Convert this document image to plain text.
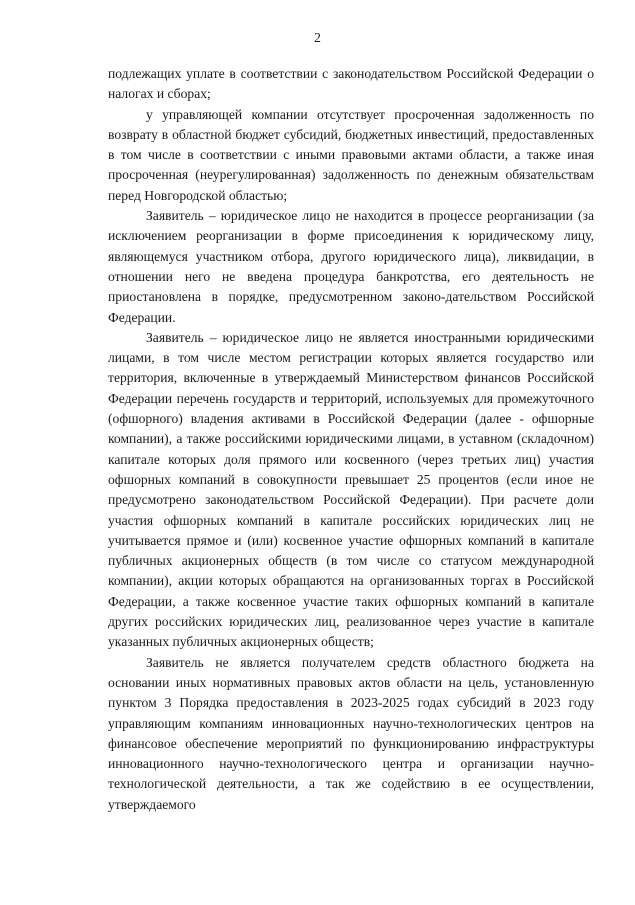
2

подлежащих уплате в соответствии с законодательством Российской Федерации о налогах и сборах;

у управляющей компании отсутствует просроченная задолженность по возврату в областной бюджет субсидий, бюджетных инвестиций, предоставленных в том числе в соответствии с иными правовыми актами области, а также иная просроченная (неурегулированная) задолженность по денежным обязательствам перед Новгородской областью;

Заявитель – юридическое лицо не находится в процессе реорганизации (за исключением реорганизации в форме присоединения к юридическому лицу, являющемуся участником отбора, другого юридического лица), ликвидации, в отношении него не введена процедура банкротства, его деятельность не приостановлена в порядке, предусмотренном законо-дательством Российской Федерации.

Заявитель – юридическое лицо не является иностранными юридическими лицами, в том числе местом регистрации которых является государство или территория, включенные в утверждаемый Министерством финансов Российской Федерации перечень государств и территорий, используемых для промежуточного (офшорного) владения активами в Российской Федерации (далее - офшорные компании), а также российскими юридическими лицами, в уставном (складочном) капитале которых доля прямого или косвенного (через третьих лиц) участия офшорных компаний в совокупности превышает 25 процентов (если иное не предусмотрено законодательством Российской Федерации). При расчете доли участия офшорных компаний в капитале российских юридических лиц не учитывается прямое и (или) косвенное участие офшорных компаний в капитале публичных акционерных обществ (в том числе со статусом международной компании), акции которых обращаются на организованных торгах в Российской Федерации, а также косвенное участие таких офшорных компаний в капитале других российских юридических лиц, реализованное через участие в капитале указанных публичных акционерных обществ;

Заявитель не является получателем средств областного бюджета на основании иных нормативных правовых актов области на цель, установленную пунктом 3 Порядка предоставления в 2023-2025 годах субсидий в 2023 году управляющим компаниям инновационных научно-технологических центров на финансовое обеспечение мероприятий по функционированию инфраструктуры инновационного научно-технологического центра и организации научно-технологической деятельности, а так же содействию в ее осуществлении, утверждаемого
